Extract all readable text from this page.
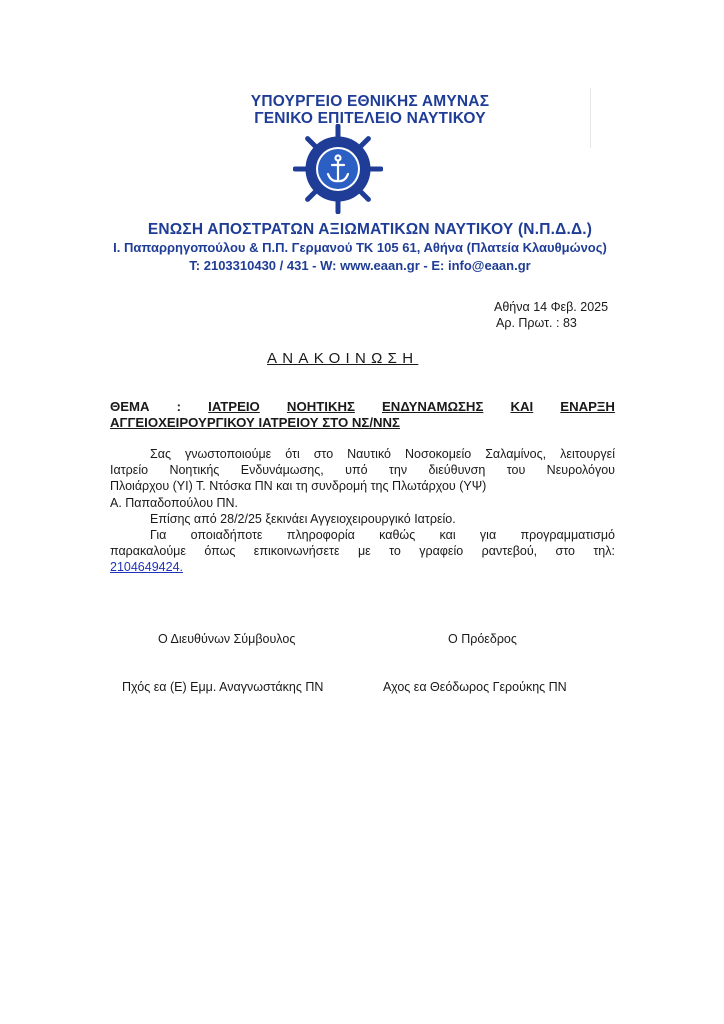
ΥΠΟΥΡΓΕΙΟ ΕΘΝΙΚΗΣ ΑΜΥΝΑΣ
ΓΕΝΙΚΟ ΕΠΙΤΕΛΕΙΟ ΝΑΥΤΙΚΟΥ
ΕΝΩΣΗ ΑΠΟΣΤΡΑΤΩΝ ΑΞΙΩΜΑΤΙΚΩΝ ΝΑΥΤΙΚΟΥ (Ν.Π.Δ.Δ.)
Ι. Παπαρρηγοπούλου & Π.Π. Γερμανού ΤΚ 105 61, Αθήνα (Πλατεία Κλαυθμώνος)
Τ: 2103310430 / 431 - W: www.eaan.gr - E: info@eaan.gr
Αθήνα 14 Φεβ. 2025
Αρ. Πρωτ. : 83
ΑΝΑΚΟΙΝΩΣΗ
ΘΕΜΑ : ΙΑΤΡΕΙΟ ΝΟΗΤΙΚΗΣ ΕΝΔΥΝΑΜΩΣΗΣ ΚΑΙ ΕΝΑΡΞΗ
ΑΓΓΕΙΟΧΕΙΡΟΥΡΓΙΚΟΥ ΙΑΤΡΕΙΟΥ ΣΤΟ ΝΣ/ΝΝΣ
Σας γνωστοποιούμε ότι στο Ναυτικό Νοσοκομείο Σαλαμίνος, λειτουργεί
Ιατρείο Νοητικής Ενδυνάμωσης, υπό την διεύθυνση του Νευρολόγου
Πλοιάρχου (ΥΙ) Τ. Ντόσκα ΠΝ και τη συνδρομή της Πλωτάρχου (ΥΨ)
Α. Παπαδοπούλου ΠΝ.
Επίσης από 28/2/25 ξεκινάει Αγγειοχειρουργικό Ιατρείο.
Για οποιαδήποτε πληροφορία καθώς και για προγραμματισμό
παρακαλούμε όπως επικοινωνήσετε με το γραφείο ραντεβού, στο τηλ:
2104649424.
Ο Διευθύνων Σύμβουλος	Ο Πρόεδρος
Πχός εα (Ε) Εμμ. Αναγνωστάκης ΠΝ	Αχος εα Θεόδωρος Γερούκης ΠΝ
